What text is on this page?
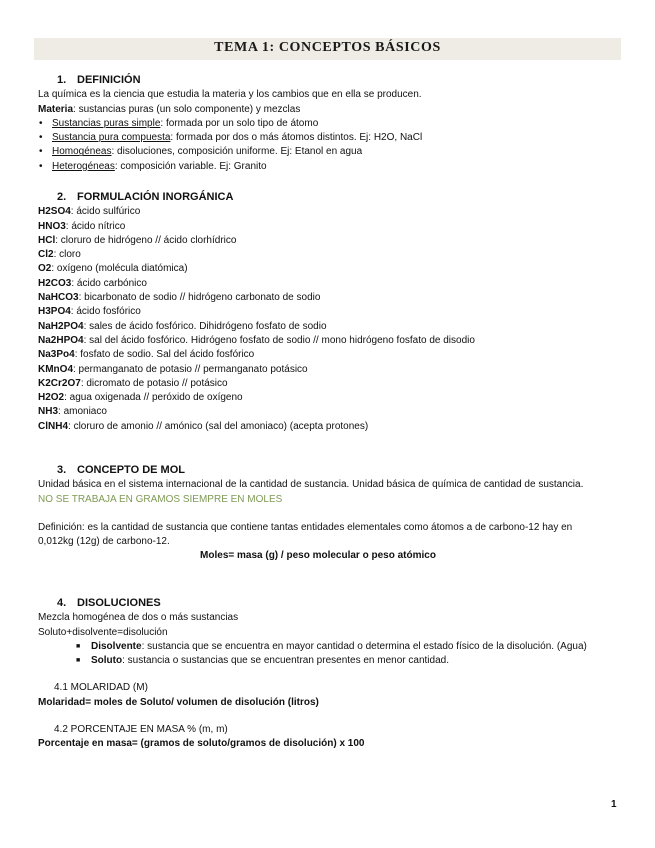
TEMA 1: CONCEPTOS BÁSICOS
1. DEFINICIÓN
La química es la ciencia que estudia la materia y los cambios que en ella se producen.
Materia: sustancias puras (un solo componente) y mezclas
• Sustancias puras simple: formada por un solo tipo de átomo
• Sustancia pura compuesta: formada por dos o más átomos distintos. Ej: H2O, NaCl
• Homogéneas: disoluciones, composición uniforme. Ej: Etanol en agua
• Heterogéneas: composición variable. Ej: Granito
2. FORMULACIÓN INORGÁNICA
H2SO4: ácido sulfúrico
HNO3: ácido nítrico
HCl: cloruro de hidrógeno // ácido clorhídrico
Cl2: cloro
O2: oxígeno (molécula diatómica)
H2CO3: ácido carbónico
NaHCO3: bicarbonato de sodio // hidrógeno carbonato de sodio
H3PO4: ácido fosfórico
NaH2PO4: sales de ácido fosfórico. Dihidrógeno fosfato de sodio
Na2HPO4: sal del ácido fosfórico. Hidrógeno fosfato de sodio // mono hidrógeno fosfato de disodio
Na3Po4: fosfato de sodio. Sal del ácido fosfórico
KMnO4: permanganato de potasio // permanganato potásico
K2Cr2O7: dicromato de potasio // potásico
H2O2: agua oxigenada // peróxido de oxígeno
NH3: amoniaco
ClNH4: cloruro de amonio // amónico (sal del amoniaco) (acepta protones)
3. CONCEPTO DE MOL
Unidad básica en el sistema internacional de la cantidad de sustancia. Unidad básica de química de cantidad de sustancia.
NO SE TRABAJA EN GRAMOS SIEMPRE EN MOLES
Definición: es la cantidad de sustancia que contiene tantas entidades elementales como átomos a de carbono-12 hay en
0,012kg (12g) de carbono-12.
Moles= masa (g) / peso molecular o peso atómico
4. DISOLUCIONES
Mezcla homogénea de dos o más sustancias
Soluto+disolvente=disolución
■ Disolvente: sustancia que se encuentra en mayor cantidad o determina el estado físico de la disolución. (Agua)
■ Soluto: sustancia o sustancias que se encuentran presentes en menor cantidad.
4.1 MOLARIDAD (M)
Molaridad= moles de Soluto/ volumen de disolución (litros)
4.2 PORCENTAJE EN MASA % (m, m)
Porcentaje en masa= (gramos de soluto/gramos de disolución) x 100
1
